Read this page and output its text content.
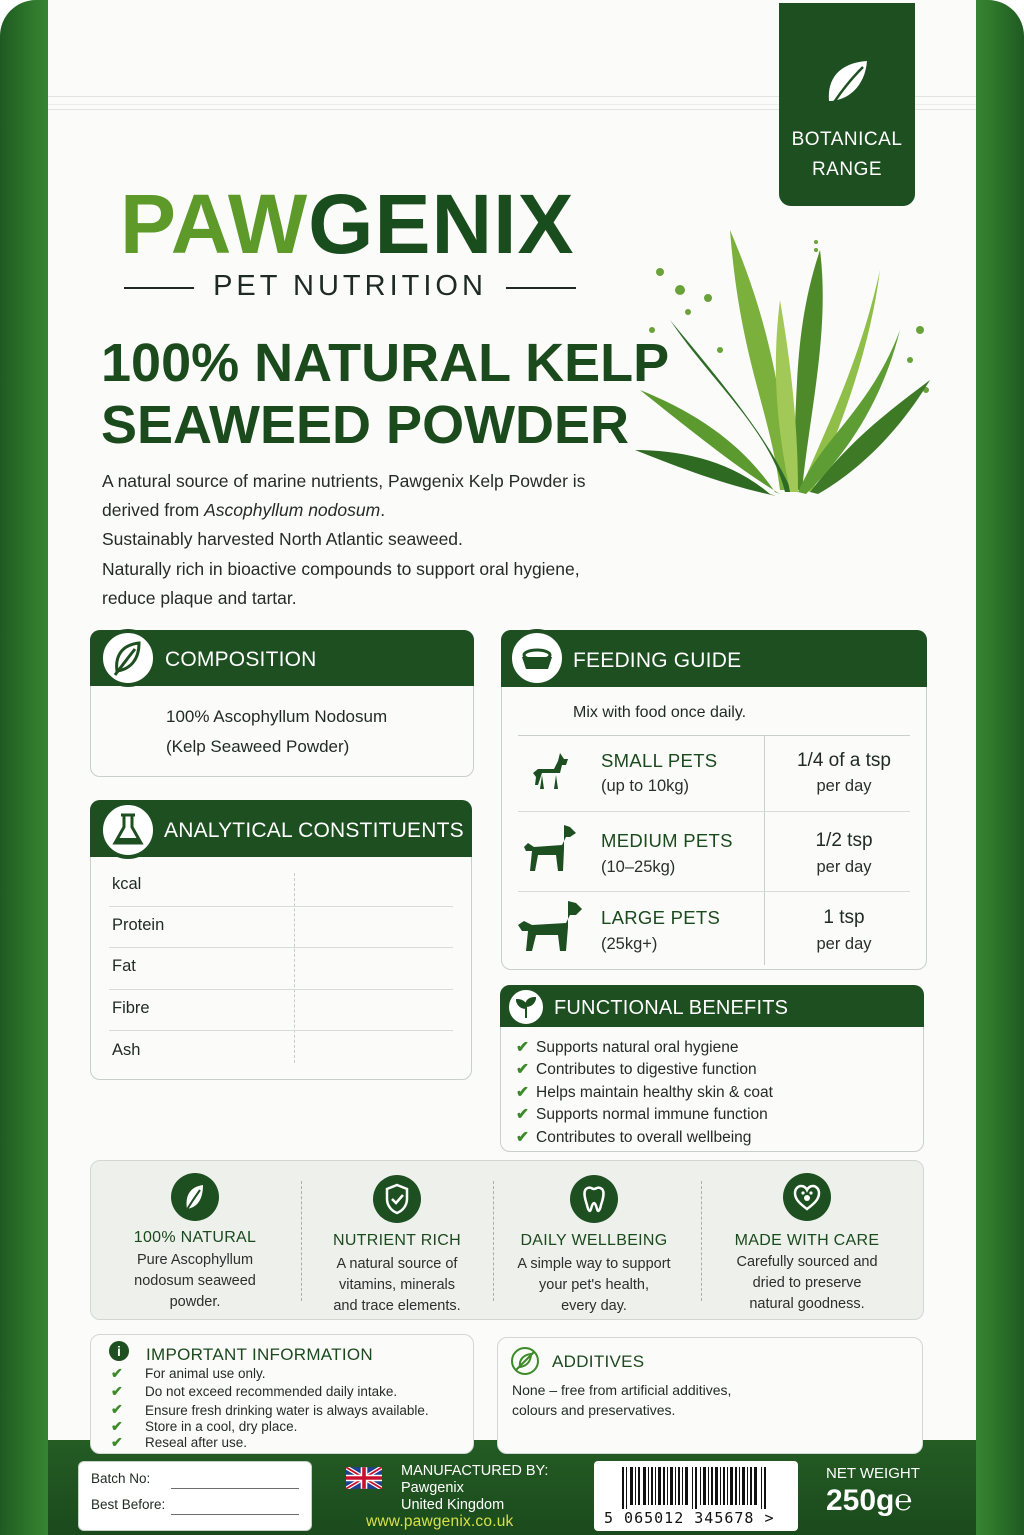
BOTANICAL
RANGE
PAWGENIX
PET NUTRITION
100% NATURAL KELP
SEAWEED POWDER
A natural source of marine nutrients, Pawgenix Kelp Powder is
derived from Ascophyllum nodosum.
Sustainably harvested North Atlantic seaweed.
Naturally rich in bioactive compounds to support oral hygiene,
reduce plaque and tartar.
COMPOSITION
100% Ascophyllum Nodosum
(Kelp Seaweed Powder)
ANALYTICAL CONSTITUENTS
kcal
Protein
Fat
Fibre
Ash
FEEDING GUIDE
Mix with food once daily.
SMALL PETS
(up to 10kg)
1/4 of a tsp
per day
MEDIUM PETS
(10–25kg)
1/2 tsp
per day
LARGE PETS
(25kg+)
1 tsp
per day
FUNCTIONAL BENEFITS
✔ Supports natural oral hygiene
✔ Contributes to digestive function
✔ Helps maintain healthy skin & coat
✔ Supports normal immune function
✔ Contributes to overall wellbeing
100% NATURAL
Pure Ascophyllum
nodosum seaweed
powder.
NUTRIENT RICH
A natural source of
vitamins, minerals
and trace elements.
DAILY WELLBEING
A simple way to support
your pet's health,
every day.
MADE WITH CARE
Carefully sourced and
dried to preserve
natural goodness.
i	IMPORTANT INFORMATION
✔ For animal use only.
✔ Do not exceed recommended daily intake.
✔ Ensure fresh drinking water is always available.
✔ Store in a cool, dry place.
✔ Reseal after use.
ADDITIVES
None – free from artificial additives,
colours and preservatives.
Batch No:
Best Before:
MANUFACTURED BY:
Pawgenix
United Kingdom
www.pawgenix.co.uk	5 065012 345678 >
NET WEIGHT
250g℮
